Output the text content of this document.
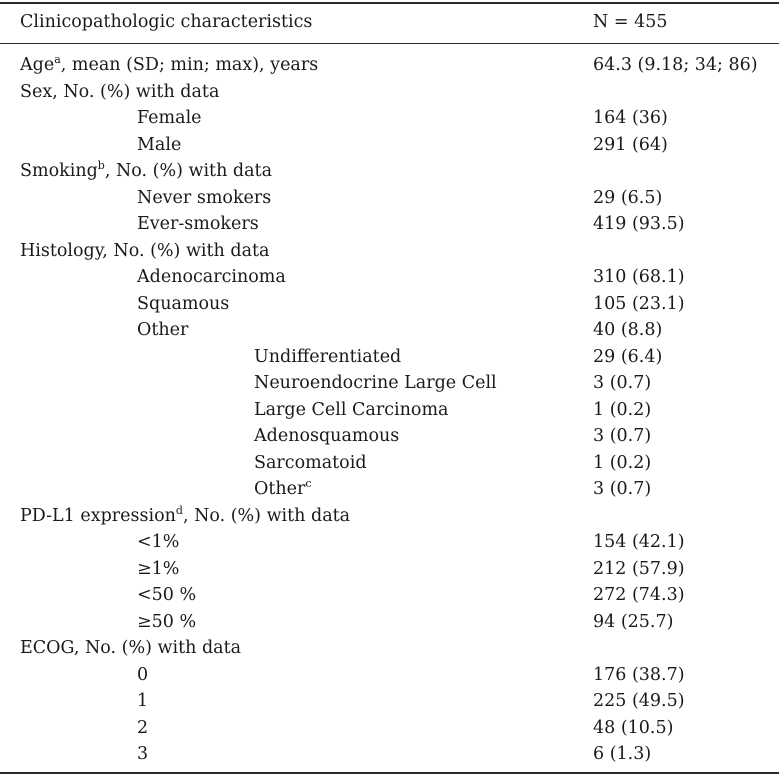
Clinicopathologic characteristics	N = 455
Age$^a$, mean (SD; min; max), years	64.3 (9.18; 34; 86)
Sex, No. (%) with data
Female	164 (36)
Male	291 (64)
Smoking$^b$, No. (%) with data
Never smokers	29 (6.5)
Ever-smokers	419 (93.5)
Histology, No. (%) with data
Adenocarcinoma	310 (68.1)
Squamous	105 (23.1)
Other	40 (8.8)
Undifferentiated	29 (6.4)
Neuroendocrine Large Cell	3 (0.7)
Large Cell Carcinoma	1 (0.2)
Adenosquamous	3 (0.7)
Sarcomatoid	1 (0.2)
Other$^c$	3 (0.7)
PD-L1 expression$^d$, No. (%) with data
<1%	154 (42.1)
≥1%	212 (57.9)
<50 %	272 (74.3)
≥50 %	94 (25.7)
ECOG, No. (%) with data
0	176 (38.7)
1	225 (49.5)
2	48 (10.5)
3	6 (1.3)
